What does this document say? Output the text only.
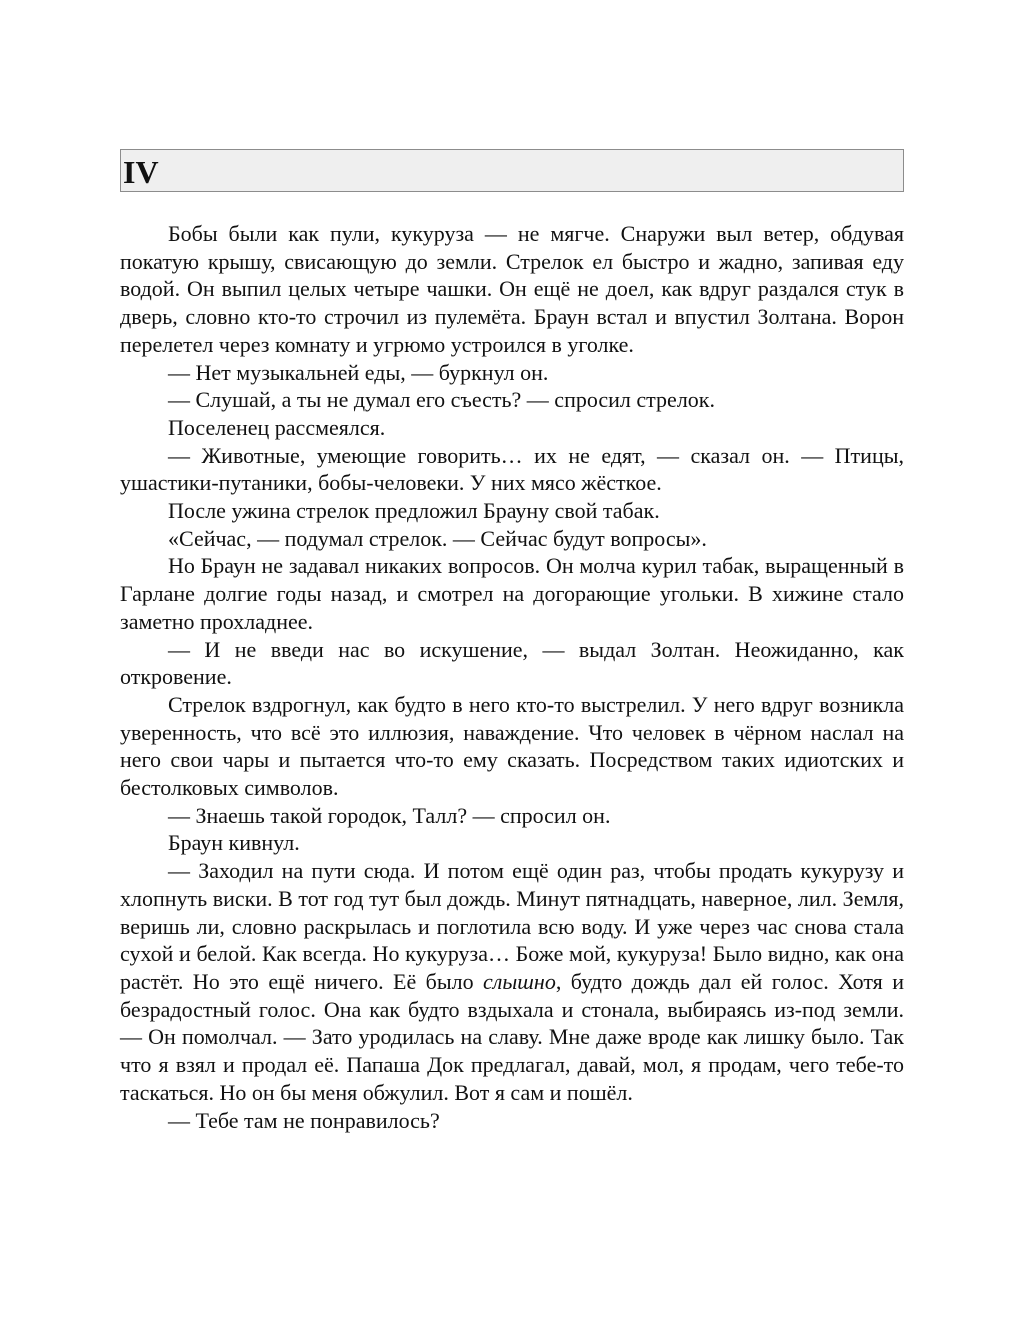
IV

Бобы были как пули, кукуруза — не мягче. Снаружи выл ветер, обдувая покатую крышу, свисающую до земли. Стрелок ел быстро и жадно, запивая еду водой. Он выпил целых четыре чашки. Он ещё не доел, как вдруг раздался стук в дверь, словно кто-то строчил из пулемёта. Браун встал и впустил Золтана. Ворон перелетел через комнату и угрюмо устроился в уголке.

— Нет музыкальней еды, — буркнул он.

— Слушай, а ты не думал его съесть? — спросил стрелок.

Поселенец рассмеялся.

— Животные, умеющие говорить… их не едят, — сказал он. — Птицы, ушастики-путаники, бобы-человеки. У них мясо жёсткое.

После ужина стрелок предложил Брауну свой табак.

«Сейчас, — подумал стрелок. — Сейчас будут вопросы».

Но Браун не задавал никаких вопросов. Он молча курил табак, выращенный в Гарлане долгие годы назад, и смотрел на догорающие угольки. В хижине стало заметно прохладнее.

— И не введи нас во искушение, — выдал Золтан. Неожиданно, как откровение.

Стрелок вздрогнул, как будто в него кто-то выстрелил. У него вдруг возникла уверенность, что всё это иллюзия, наваждение. Что человек в чёрном наслал на него свои чары и пытается что-то ему сказать. Посредством таких идиотских и бестолковых символов.

— Знаешь такой городок, Талл? — спросил он.

Браун кивнул.

— Заходил на пути сюда. И потом ещё один раз, чтобы продать кукурузу и хлопнуть виски. В тот год тут был дождь. Минут пятнадцать, наверное, лил. Земля, веришь ли, словно раскрылась и поглотила всю воду. И уже через час снова стала сухой и белой. Как всегда. Но кукуруза… Боже мой, кукуруза! Было видно, как она растёт. Но это ещё ничего. Её было слышно, будто дождь дал ей голос. Хотя и безрадостный голос. Она как будто вздыхала и стонала, выбираясь из-под земли. — Он помолчал. — Зато уродилась на славу. Мне даже вроде как лишку было. Так что я взял и продал её. Папаша Док предлагал, давай, мол, я продам, чего тебе-то таскаться. Но он бы меня обжулил. Вот я сам и пошёл.

— Тебе там не понравилось?
